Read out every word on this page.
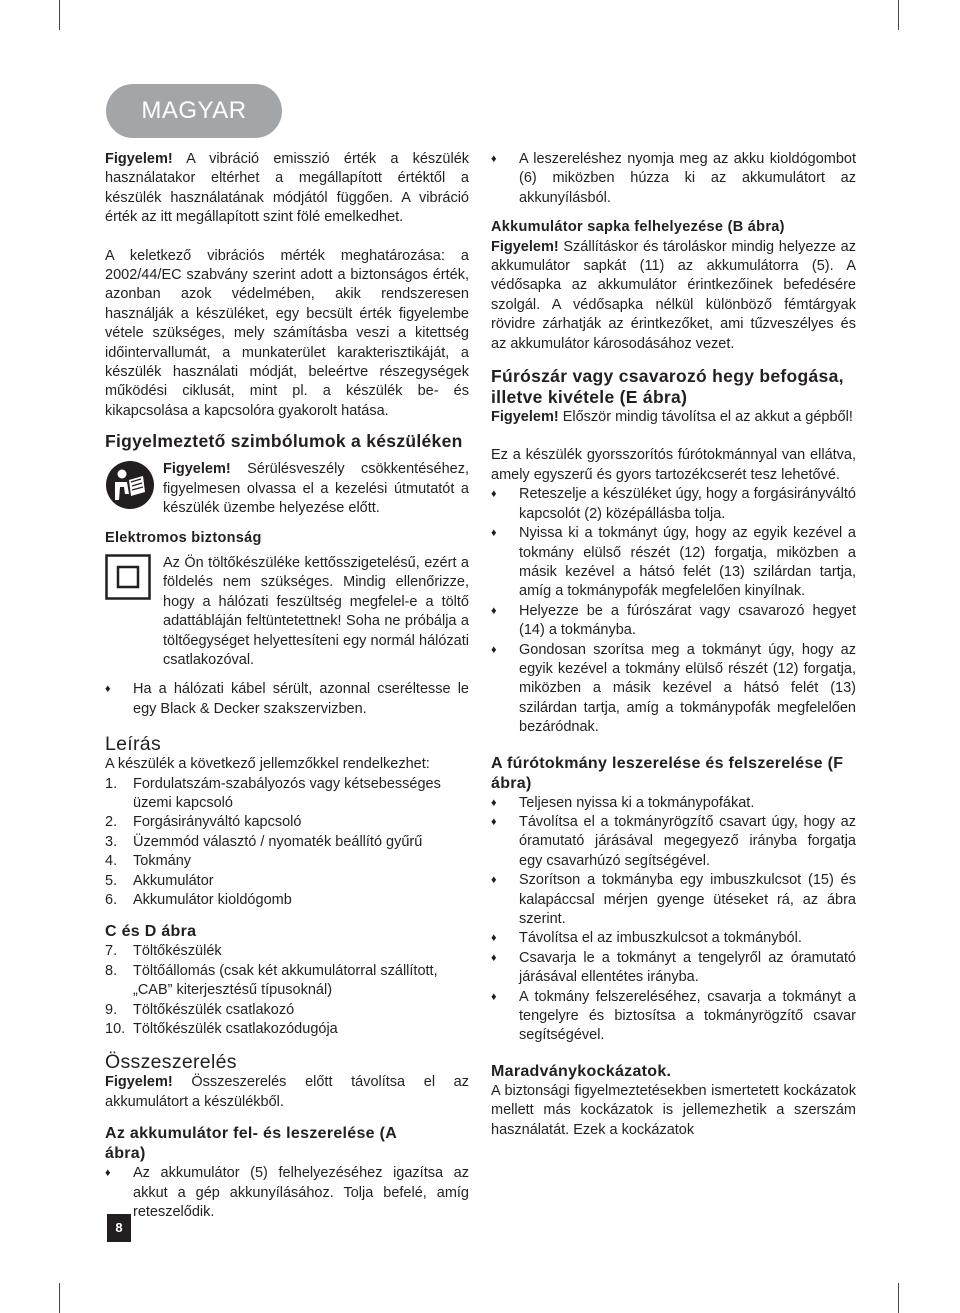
MAGYAR

Figyelem! A vibráció emisszió érték a készülék használatakor eltérhet a megállapított értéktől a készülék használatának módjától függően. A vibráció érték az itt megállapított szint fölé emelkedhet.

A keletkező vibrációs mérték meghatározása: a 2002/44/EC szabvány szerint adott a biztonságos érték, azonban azok védelmében, akik rendszeresen használják a készüléket, egy becsült érték figyelembe vétele szükséges, mely számításba veszi a kitettség időintervallumát, a munkaterület karakterisztikáját, a készülék használati módját, beleértve részegységek működési ciklusát, mint pl. a készülék be- és kikapcsolása a kapcsolóra gyakorolt hatása.

Figyelmeztető szimbólumok a készüléken

Figyelem! Sérülésveszély csökkentéséhez, figyelmesen olvassa el a kezelési útmutatót a készülék üzembe helyezése előtt.

Elektromos biztonság

Az Ön töltőkészüléke kettősszigetelésű, ezért a földelés nem szükséges. Mindig ellenőrizze, hogy a hálózati feszültség megfelel-e a töltő adattábláján feltüntetettnek! Soha ne próbálja a töltőegységet helyettesíteni egy normál hálózati csatlakozóval.

♦ Ha a hálózati kábel sérült, azonnal cseréltesse le egy Black & Decker szakszervizben.
Leírás

A készülék a következő jellemzőkkel rendelkezhet:

1. Fordulatszám-szabályozós vagy kétsebességes üzemi kapcsoló
2. Forgásirányváltó kapcsoló
3. Üzemmód választó / nyomaték beállító gyűrű
4. Tokmány
5. Akkumulátor
6. Akkumulátor kioldógomb
C és D ábra
7. Töltőkészülék
8. Töltőállomás (csak két akkumulátorral szállított, „CAB” kiterjesztésű típusoknál)
9. Töltőkészülék csatlakozó
10. Töltőkészülék csatlakozódugója
Összeszerelés

Figyelem! Összeszerelés előtt távolítsa el az akkumulátort a készülékből.

Az akkumulátor fel- és leszerelése (A ábra)
♦ Az akkumulátor (5) felhelyezéséhez igazítsa az akkut a gép akkunyílásához. Tolja befelé, amíg reteszelődik.
♦ A leszereléshez nyomja meg az akku kioldógombot (6) miközben húzza ki az akkumulátort az akkunyílásból.
Akkumulátor sapka felhelyezése (B ábra)

Figyelem! Szállításkor és tároláskor mindig helyezze az akkumulátor sapkát (11) az akkumulátorra (5). A védősapka az akkumulátor érintkezőinek befedésére szolgál. A védősapka nélkül különböző fémtárgyak rövidre zárhatják az érintkezőket, ami tűzveszélyes és az akkumulátor károsodásához vezet.

Fúrószár vagy csavarozó hegy befogása, illetve kivétele (E ábra)

Figyelem! Először mindig távolítsa el az akkut a gépből!

Ez a készülék gyorsszorítós fúrótokmánnyal van ellátva, amely egyszerű és gyors tartozékcserét tesz lehetővé.

♦ Reteszelje a készüléket úgy, hogy a forgásirányváltó kapcsolót (2) középállásba tolja.
♦ Nyissa ki a tokmányt úgy, hogy az egyik kezével a tokmány elülső részét (12) forgatja, miközben a másik kezével a hátsó felét (13) szilárdan tartja, amíg a tokmánypofák megfelelően kinyílnak.
♦ Helyezze be a fúrószárat vagy csavarozó hegyet (14) a tokmányba.
♦ Gondosan szorítsa meg a tokmányt úgy, hogy az egyik kezével a tokmány elülső részét (12) forgatja, miközben a másik kezével a hátsó felét (13) szilárdan tartja, amíg a tokmánypofák megfelelően bezáródnak.
A fúrótokmány leszerelése és felszerelése (F ábra)
♦ Teljesen nyissa ki a tokmánypofákat.
♦ Távolítsa el a tokmányrögzítő csavart úgy, hogy az óramutató járásával megegyező irányba forgatja egy csavarhúzó segítségével.
♦ Szorítson a tokmányba egy imbuszkulcsot (15) és kalapáccsal mérjen gyenge ütéseket rá, az ábra szerint.
♦ Távolítsa el az imbuszkulcsot a tokmányból.
♦ Csavarja le a tokmányt a tengelyről az óramutató járásával ellentétes irányba.
♦ A tokmány felszereléséhez, csavarja a tokmányt a tengelyre és biztosítsa a tokmányrögzítő csavar segítségével.
Maradványkockázatok.

A biztonsági figyelmeztetésekben ismertetett kockázatok mellett más kockázatok is jellemezhetik a szerszám használatát. Ezek a kockázatok

8
